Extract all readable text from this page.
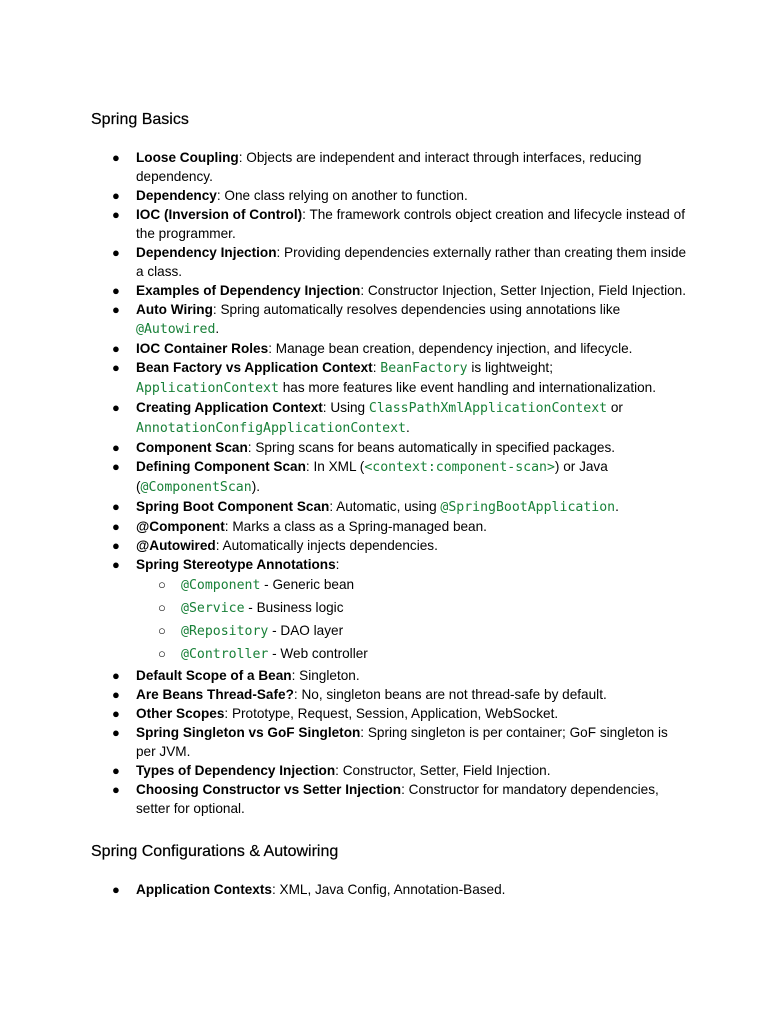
Spring Basics
● Loose Coupling: Objects are independent and interact through interfaces, reducing dependency.
● Dependency: One class relying on another to function.
● IOC (Inversion of Control): The framework controls object creation and lifecycle instead of the programmer.
● Dependency Injection: Providing dependencies externally rather than creating them inside a class.
● Examples of Dependency Injection: Constructor Injection, Setter Injection, Field Injection.
● Auto Wiring: Spring automatically resolves dependencies using annotations like @Autowired.
● IOC Container Roles: Manage bean creation, dependency injection, and lifecycle.
● Bean Factory vs Application Context: BeanFactory is lightweight; ApplicationContext has more features like event handling and internationalization.
● Creating Application Context: Using ClassPathXmlApplicationContext or AnnotationConfigApplicationContext.
● Component Scan: Spring scans for beans automatically in specified packages.
● Defining Component Scan: In XML (<context:component-scan>) or Java (@ComponentScan).
● Spring Boot Component Scan: Automatic, using @SpringBootApplication.
● @Component: Marks a class as a Spring-managed bean.
● @Autowired: Automatically injects dependencies.
● Spring Stereotype Annotations:
○ @Component - Generic bean
○ @Service - Business logic
○ @Repository - DAO layer
○ @Controller - Web controller
● Default Scope of a Bean: Singleton.
● Are Beans Thread-Safe?: No, singleton beans are not thread-safe by default.
● Other Scopes: Prototype, Request, Session, Application, WebSocket.
● Spring Singleton vs GoF Singleton: Spring singleton is per container; GoF singleton is per JVM.
● Types of Dependency Injection: Constructor, Setter, Field Injection.
● Choosing Constructor vs Setter Injection: Constructor for mandatory dependencies, setter for optional.
Spring Configurations & Autowiring
● Application Contexts: XML, Java Config, Annotation-Based.
